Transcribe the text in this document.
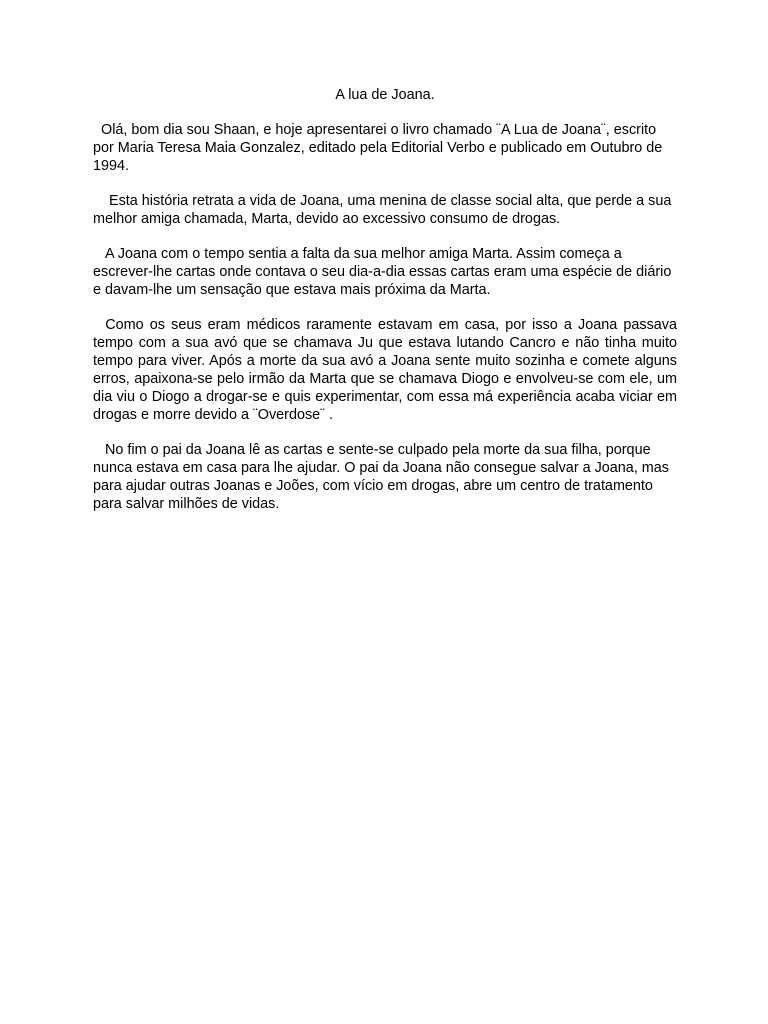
A lua de Joana.

Olá, bom dia sou Shaan, e hoje apresentarei o livro chamado ¨A Lua de Joana¨, escrito por Maria Teresa Maia Gonzalez, editado pela Editorial Verbo e publicado em Outubro de 1994.

Esta história retrata a vida de Joana, uma menina de classe social alta, que perde a sua melhor amiga chamada, Marta, devido ao excessivo consumo de drogas.

A Joana com o tempo sentia a falta da sua melhor amiga Marta. Assim começa a escrever-lhe cartas onde contava o seu dia-a-dia essas cartas eram uma espécie de diário e davam-lhe um sensação que estava mais próxima da Marta.

Como os seus eram médicos raramente estavam em casa, por isso a Joana passava tempo com a sua avó que se chamava Ju que estava lutando Cancro e não tinha muito tempo para viver. Após a morte da sua avó a Joana sente muito sozinha e comete alguns erros, apaixona-se pelo irmão da Marta que se chamava Diogo e envolveu-se com ele, um dia viu o Diogo a drogar-se e quis experimentar, com essa má experiência acaba viciar em drogas e morre devido a ¨Overdose¨ .

No fim o pai da Joana lê as cartas e sente-se culpado pela morte da sua filha, porque nunca estava em casa para lhe ajudar. O pai da Joana não consegue salvar a Joana, mas para ajudar outras Joanas e Joões, com vício em drogas, abre um centro de tratamento para salvar milhões de vidas.
